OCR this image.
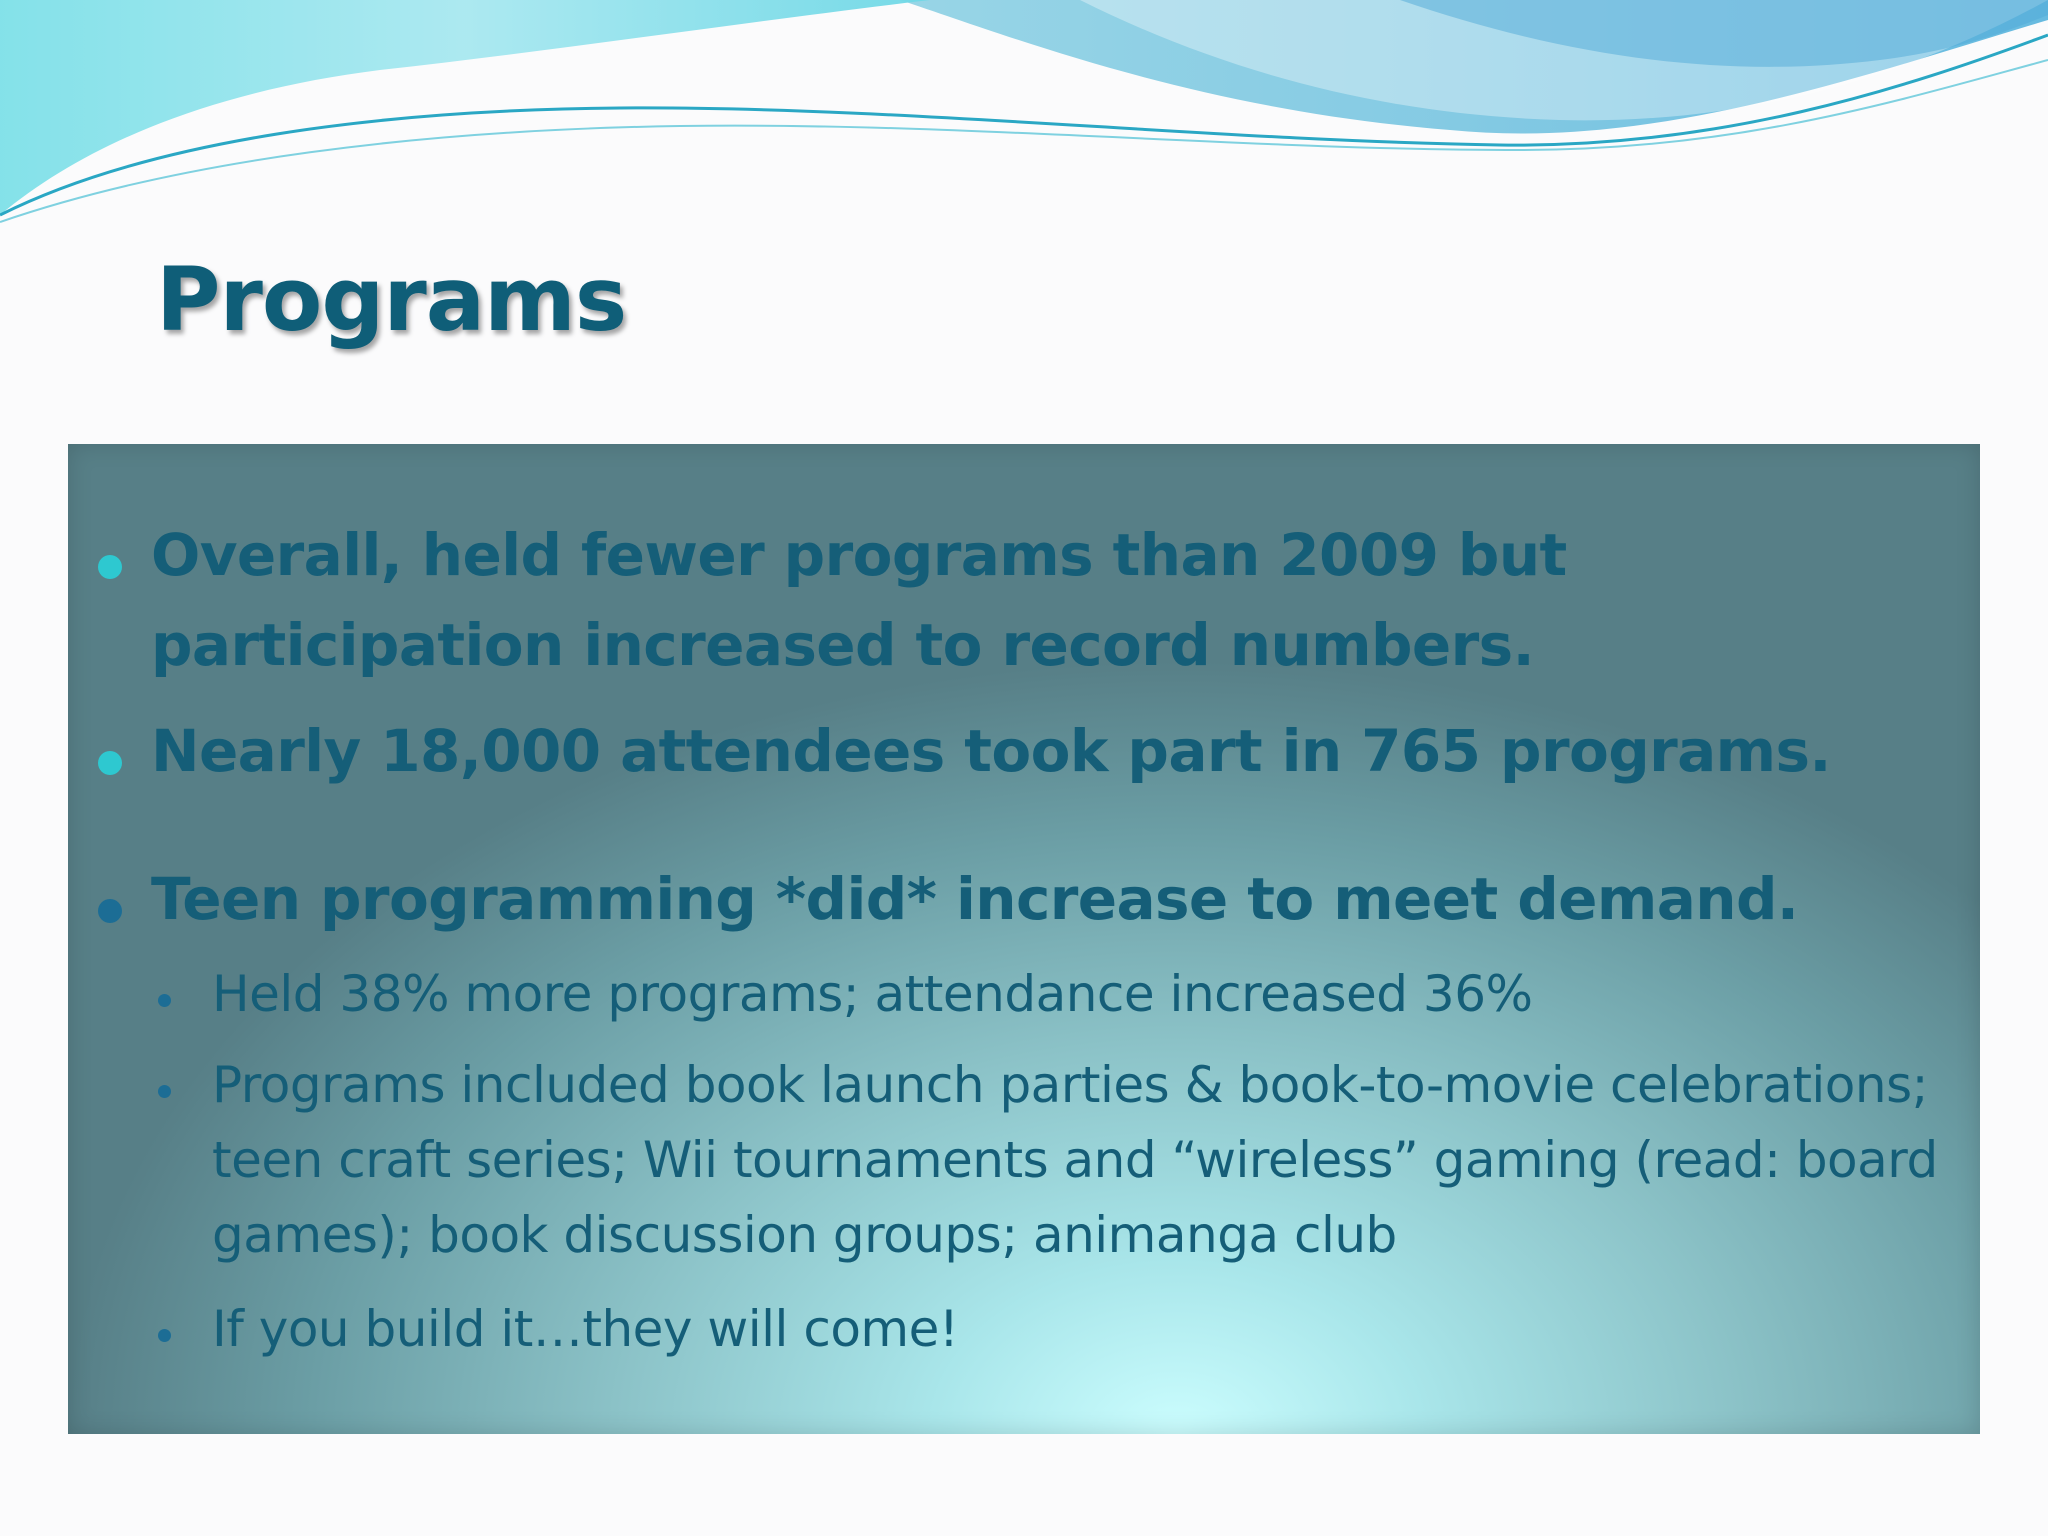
Programs
Overall, held fewer programs than 2009 but participation increased to record numbers.
Nearly 18,000 attendees took part in 765 programs.
Teen programming *did* increase to meet demand.
Held 38% more programs; attendance increased 36%
Programs included book launch parties & book-to-movie celebrations; teen craft series; Wii tournaments and “wireless” gaming (read: board games); book discussion groups; animanga club
If you build it…they will come!
